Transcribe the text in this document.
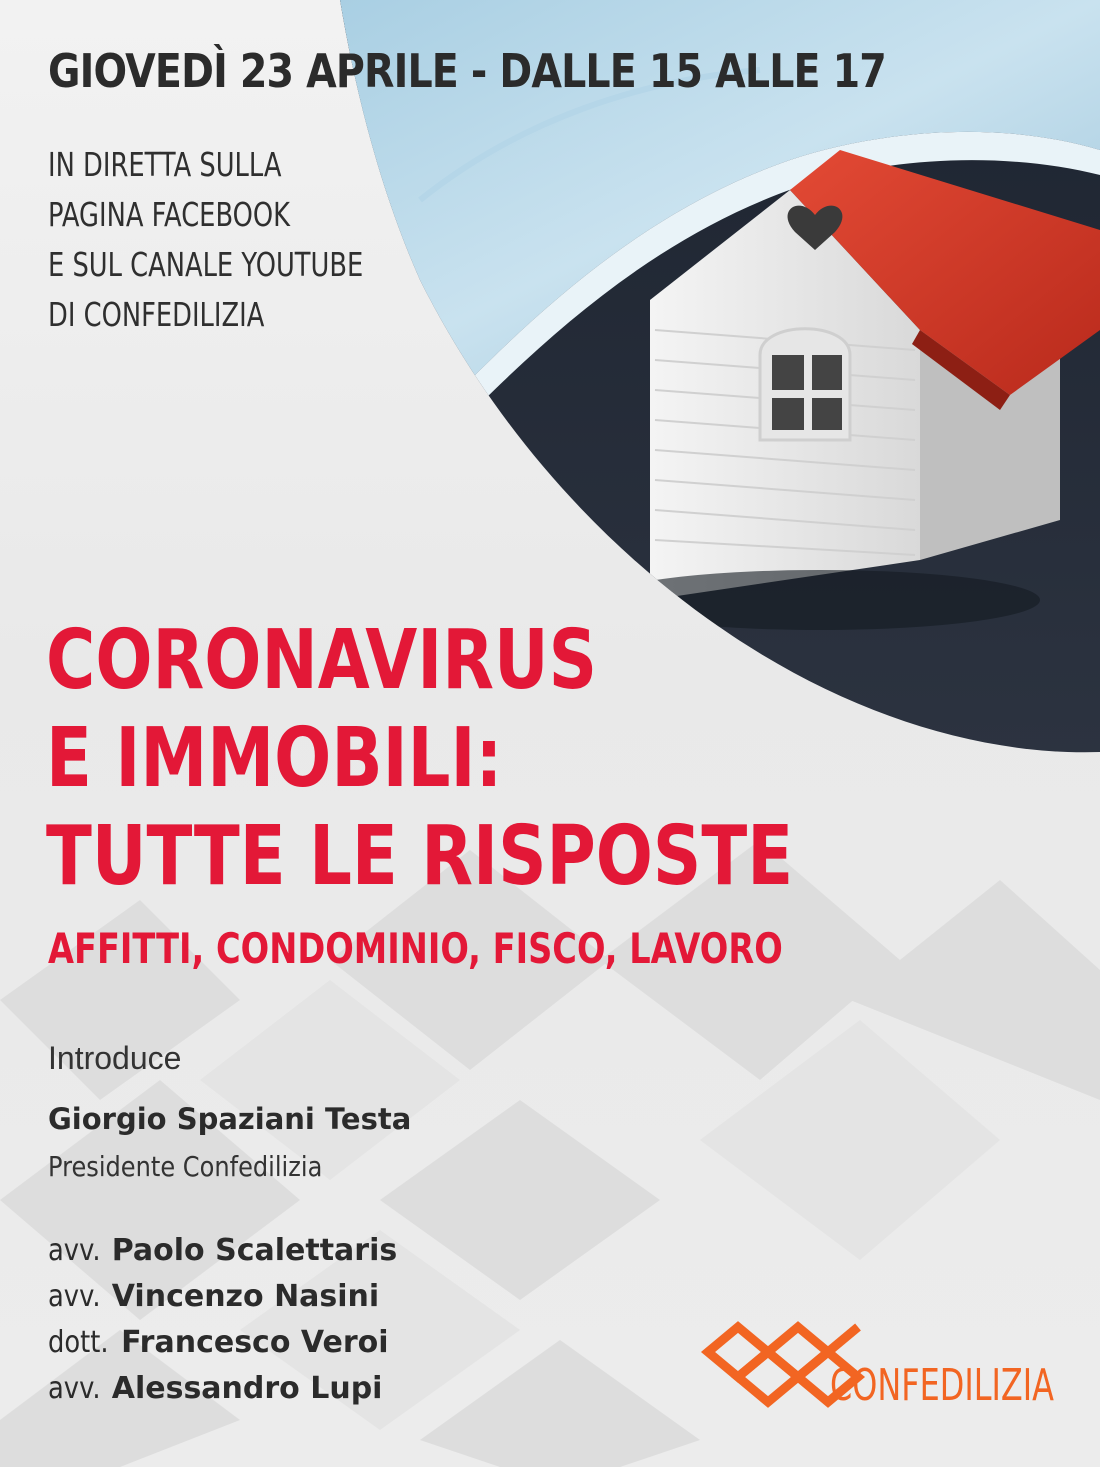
GIOVEDÌ 23 APRILE - DALLE 15 ALLE 17
IN DIRETTA SULLA
PAGINA FACEBOOK
E SUL CANALE YOUTUBE
DI CONFEDILIZIA
CORONAVIRUS
E IMMOBILI:
TUTTE LE RISPOSTE
AFFITTI, CONDOMINIO, FISCO, LAVORO
Introduce
Giorgio Spaziani Testa
Presidente Confedilizia
avv. Paolo Scalettaris
avv. Vincenzo Nasini
dott. Francesco Veroi
avv. Alessandro Lupi	CONFEDILIZIA
